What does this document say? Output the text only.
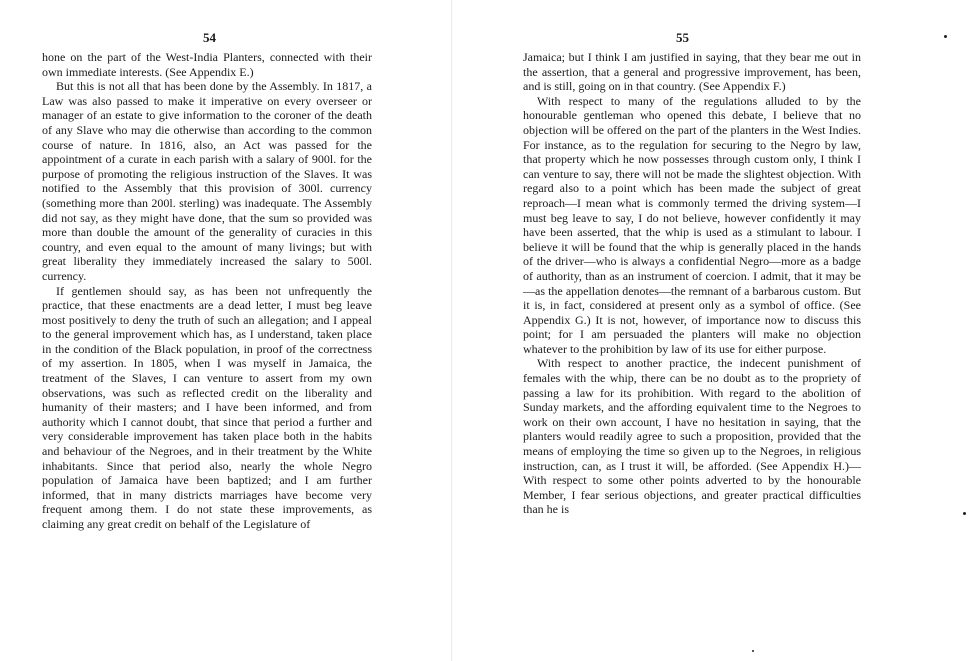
54	55

hone on the part of the West-India Planters, connected with their own immediate interests. (See Appendix E.)

But this is not all that has been done by the Assembly. In 1817, a Law was also passed to make it imperative on every overseer or manager of an estate to give information to the coroner of the death of any Slave who may die otherwise than according to the common course of nature. In 1816, also, an Act was passed for the appointment of a curate in each parish with a salary of 900l. for the purpose of promoting the religious instruction of the Slaves. It was notified to the Assembly that this provision of 300l. currency (something more than 200l. sterling) was inadequate. The Assembly did not say, as they might have done, that the sum so provided was more than double the amount of the generality of curacies in this country, and even equal to the amount of many livings; but with great liberality they immediately increased the salary to 500l. currency.

If gentlemen should say, as has been not unfrequently the practice, that these enactments are a dead letter, I must beg leave most positively to deny the truth of such an allegation; and I appeal to the general improvement which has, as I understand, taken place in the condition of the Black population, in proof of the correctness of my assertion. In 1805, when I was myself in Jamaica, the treatment of the Slaves, I can venture to assert from my own observations, was such as reflected credit on the liberality and humanity of their masters; and I have been informed, and from authority which I cannot doubt, that since that period a further and very considerable improvement has taken place both in the habits and behaviour of the Negroes, and in their treatment by the White inhabitants. Since that period also, nearly the whole Negro population of Jamaica have been baptized; and I am further informed, that in many districts marriages have become very frequent among them. I do not state these improvements, as claiming any great credit on behalf of the Legislature of

Jamaica; but I think I am justified in saying, that they bear me out in the assertion, that a general and progressive improvement, has been, and is still, going on in that country. (See Appendix F.)

With respect to many of the regulations alluded to by the honourable gentleman who opened this debate, I believe that no objection will be offered on the part of the planters in the West Indies. For instance, as to the regulation for securing to the Negro by law, that property which he now possesses through custom only, I think I can venture to say, there will not be made the slightest objection. With regard also to a point which has been made the subject of great reproach—I mean what is commonly termed the driving system—I must beg leave to say, I do not believe, however confidently it may have been asserted, that the whip is used as a stimulant to labour. I believe it will be found that the whip is generally placed in the hands of the driver—who is always a confidential Negro—more as a badge of authority, than as an instrument of coercion. I admit, that it may be—as the appellation denotes—the remnant of a barbarous custom. But it is, in fact, considered at present only as a symbol of office. (See Appendix G.) It is not, however, of importance now to discuss this point; for I am persuaded the planters will make no objection whatever to the prohibition by law of its use for either purpose.

With respect to another practice, the indecent punishment of females with the whip, there can be no doubt as to the propriety of passing a law for its prohibition. With regard to the abolition of Sunday markets, and the affording equivalent time to the Negroes to work on their own account, I have no hesitation in saying, that the planters would readily agree to such a proposition, provided that the means of employing the time so given up to the Negroes, in religious instruction, can, as I trust it will, be afforded. (See Appendix H.)—With respect to some other points adverted to by the honourable Member, I fear serious objections, and greater practical difficulties than he is
